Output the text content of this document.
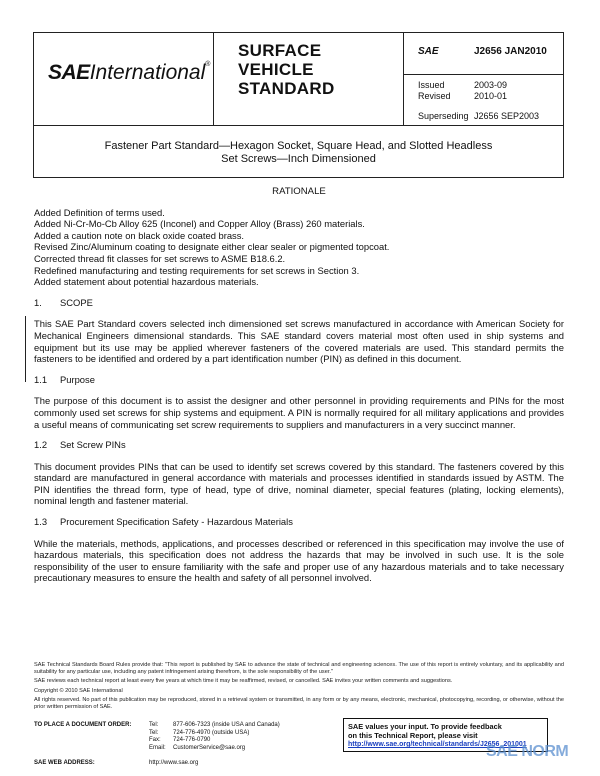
SAEInternational®
SURFACE
VEHICLE
STANDARD
SAE	J2656 JAN2010
Issued	2003-09
Revised	2010-01
Superseding J2656 SEP2003
Fastener Part Standard—Hexagon Socket, Square Head, and Slotted Headless
Set Screws—Inch Dimensioned
RATIONALE
Added Definition of terms used.
Added Ni-Cr-Mo-Cb Alloy 625 (Inconel) and Copper Alloy (Brass) 260 materials.
Added a caution note on black oxide coated brass.
Revised Zinc/Aluminum coating to designate either clear sealer or pigmented topcoat.
Corrected thread fit classes for set screws to ASME B18.6.2.
Redefined manufacturing and testing requirements for set screws in Section 3.
Added statement about potential hazardous materials.
1. SCOPE
This SAE Part Standard covers selected inch dimensioned set screws manufactured in accordance with American Society for Mechanical Engineers dimensional standards. This SAE standard covers material most often used in ship systems and equipment but its use may be applied wherever fasteners of the covered materials are used. This standard permits the fasteners to be identified and ordered by a part identification number (PIN) as defined in this document.
1.1 Purpose
The purpose of this document is to assist the designer and other personnel in providing requirements and PINs for the most commonly used set screws for ship systems and equipment. A PIN is normally required for all military applications and provides a useful means of communicating set screw requirements to suppliers and manufacturers in a very succinct manner.
1.2 Set Screw PINs
This document provides PINs that can be used to identify set screws covered by this standard. The fasteners covered by this standard are manufactured in general accordance with materials and processes identified in standards issued by ASTM. The PIN identifies the thread form, type of head, type of drive, nominal diameter, special features (plating, locking elements), nominal length and fastener material.
1.3 Procurement Specification Safety - Hazardous Materials
While the materials, methods, applications, and processes described or referenced in this specification may involve the use of hazardous materials, this specification does not address the hazards that may be involved in such use. It is the sole responsibility of the user to ensure familiarity with the safe and proper use of any hazardous materials and to take necessary precautionary measures to ensure the health and safety of all personnel involved.

SAE Technical Standards Board Rules provide that: "This report is published by SAE to advance the state of technical and engineering sciences. The use of this report is entirely voluntary, and its applicability and suitability for any particular use, including any patent infringement arising therefrom, is the sole responsibility of the user."

SAE reviews each technical report at least every five years at which time it may be reaffirmed, revised, or cancelled. SAE invites your written comments and suggestions.

Copyright © 2010 SAE International

All rights reserved. No part of this publication may be reproduced, stored in a retrieval system or transmitted, in any form or by any means, electronic, mechanical, photocopying, recording, or otherwise, without the prior written permission of SAE.

TO PLACE A DOCUMENT ORDER:	Tel: 877-606-7323 (inside USA and Canada)
Tel: 724-776-4970 (outside USA)
Fax: 724-776-0790
Email: CustomerService@sae.org
SAE WEB ADDRESS:	http://www.sae.org
SAE values your input. To provide feedback
on this Technical Report, please visit
http://www.sae.org/technical/standards/J2656_201001
SAE NORM
